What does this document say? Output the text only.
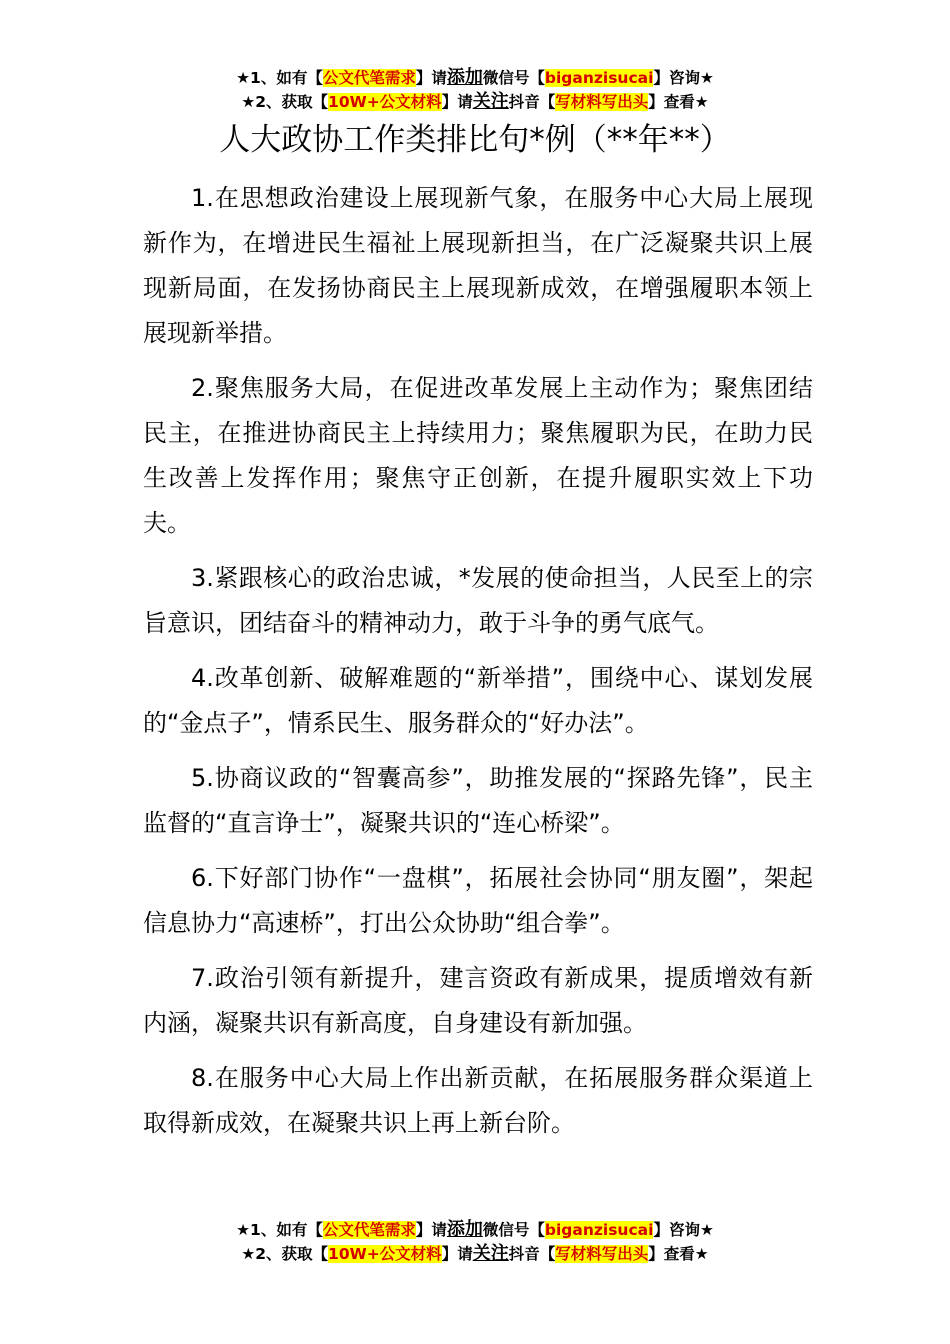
★1、如有【公文代笔需求】请添加微信号【biganzisucai】咨询★
★2、获取【10W+公文材料】请关注抖音【写材料写出头】查看★
人大政协工作类排比句*例（**年**）

1.在思想政治建设上展现新气象，在服务中心大局上展现新作为，在增进民生福祉上展现新担当，在广泛凝聚共识上展现新局面，在发扬协商民主上展现新成效，在增强履职本领上展现新举措。

2.聚焦服务大局，在促进改革发展上主动作为；聚焦团结民主，在推进协商民主上持续用力；聚焦履职为民，在助力民生改善上发挥作用；聚焦守正创新，在提升履职实效上下功夫。

3.紧跟核心的政治忠诚，*发展的使命担当，人民至上的宗旨意识，团结奋斗的精神动力，敢于斗争的勇气底气。

4.改革创新、破解难题的“新举措”，围绕中心、谋划发展的“金点子”，情系民生、服务群众的“好办法”。

5.协商议政的“智囊高参”，助推发展的“探路先锋”，民主监督的“直言诤士”，凝聚共识的“连心桥梁”。

6.下好部门协作“一盘棋”，拓展社会协同“朋友圈”，架起信息协力“高速桥”，打出公众协助“组合拳”。

7.政治引领有新提升，建言资政有新成果，提质增效有新内涵，凝聚共识有新高度，自身建设有新加强。

8.在服务中心大局上作出新贡献，在拓展服务群众渠道上取得新成效，在凝聚共识上再上新台阶。

★1、如有【公文代笔需求】请添加微信号【biganzisucai】咨询★
★2、获取【10W+公文材料】请关注抖音【写材料写出头】查看★
